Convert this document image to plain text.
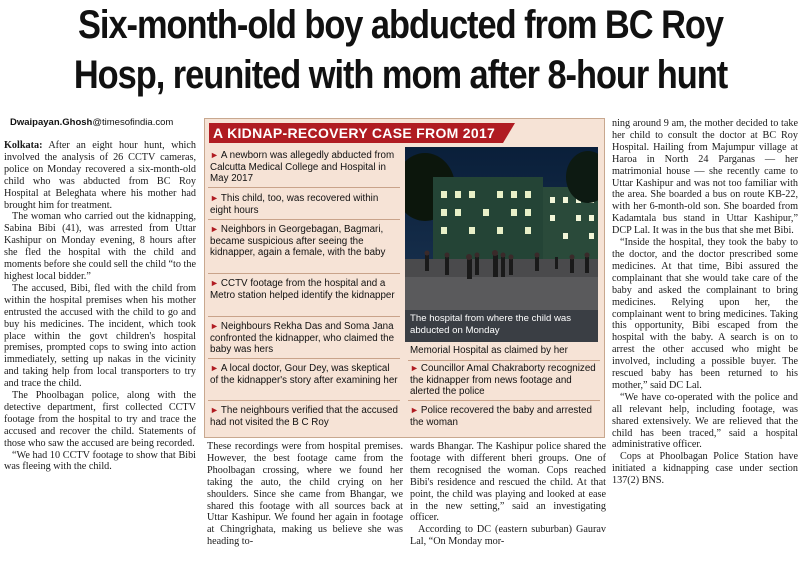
Six-month-old boy abducted from BC Roy
Hosp, reunited with mom after 8-hour hunt
Dwaipayan.Ghosh@timesofindia.com

Kolkata: After an eight hour hunt, which involved the analysis of 26 CCTV cameras, police on Monday recovered a six-month-old child who was abducted from BC Roy Hospital at Beleghata where his mother had brought him for treatment.

The woman who carried out the kidnapping, Sabina Bibi (41), was arrested from Uttar Kashipur on Monday evening, 8 hours after she fled the hospital with the child and moments before she could sell the child “to the highest local bidder.”

The accused, Bibi, fled with the child from within the hospital premises when his mother entrusted the accused with the child to go and buy his medicines. The incident, which took place within the govt children's hospital premises, prompted cops to swing into action immediately, setting up nakas in the vicinity and taking help from local transporters to try and trace the child.

The Phoolbagan police, along with the detective department, first collected CCTV footage from the hospital to try and trace the accused and recover the child. Statements of those who saw the accused are being recorded.

“We had 10 CCTV footage to show that Bibi was fleeing with the child.

A KIDNAP-RECOVERY CASE FROM 2017
► A newborn was allegedly abducted from Calcutta Medical College and Hospital in May 2017
► This child, too, was recovered within eight hours
► Neighbors in Georgebagan, Bagmari, became suspicious after seeing the kidnapper, again a female, with the baby
► CCTV footage from the hospital and a Metro station helped identify the kidnapper
► Neighbours Rekha Das and Soma Jana confronted the kidnapper, who claimed the baby was hers
► A local doctor, Gour Dey, was skeptical of the kidnapper's story after examining her
► The neighbours verified that the accused had not visited the B C Roy
The hospital from where the child was abducted on Monday
Memorial Hospital as claimed by her
► Councillor Amal Chakraborty recognized the kidnapper from news footage and alerted the police
► Police recovered the baby and arrested the woman

These recordings were from hospital premises. However, the best footage came from the Phoolbagan crossing, where we found her taking the auto, the child crying on her shoulders. Since she came from Bhangar, we shared this footage with all sources back at Uttar Kashipur. We found her again in footage at Chingrighata, making us believe she was heading to-

wards Bhangar. The Kashipur police shared the footage with different bheri groups. One of them recognised the woman. Cops reached Bibi's residence and rescued the child. At that point, the child was playing and looked at ease in the new setting,” said an investigating officer.

According to DC (eastern suburban) Gaurav Lal, “On Monday mor-

ning around 9 am, the mother decided to take her child to consult the doctor at BC Roy Hospital. Hailing from Majumpur village at Haroa in North 24 Parganas — her matrimonial house — she recently came to Uttar Kashipur and was not too familiar with the area. She boarded a bus on route KB-22, with her 6-month-old son. She boarded from Kadamtala bus stand in Uttar Kashipur,” DCP Lal. It was in the bus that she met Bibi.

“Inside the hospital, they took the baby to the doctor, and the doctor prescribed some medicines. At that time, Bibi assured the complainant that she would take care of the baby and asked the complainant to bring medicines. Relying upon her, the complainant went to bring medicines. Taking this opportunity, Bibi escaped from the hospital with the baby. A search is on to arrest the other accused who might be involved, including a possible buyer. The rescued baby has been returned to his mother,” said DC Lal.

“We have co-operated with the police and all relevant help, including footage, was shared extensively. We are relieved that the child has been traced,” said a hospital administrative officer.

Cops at Phoolbagan Police Station have initiated a kidnapping case under section 137(2) BNS.
